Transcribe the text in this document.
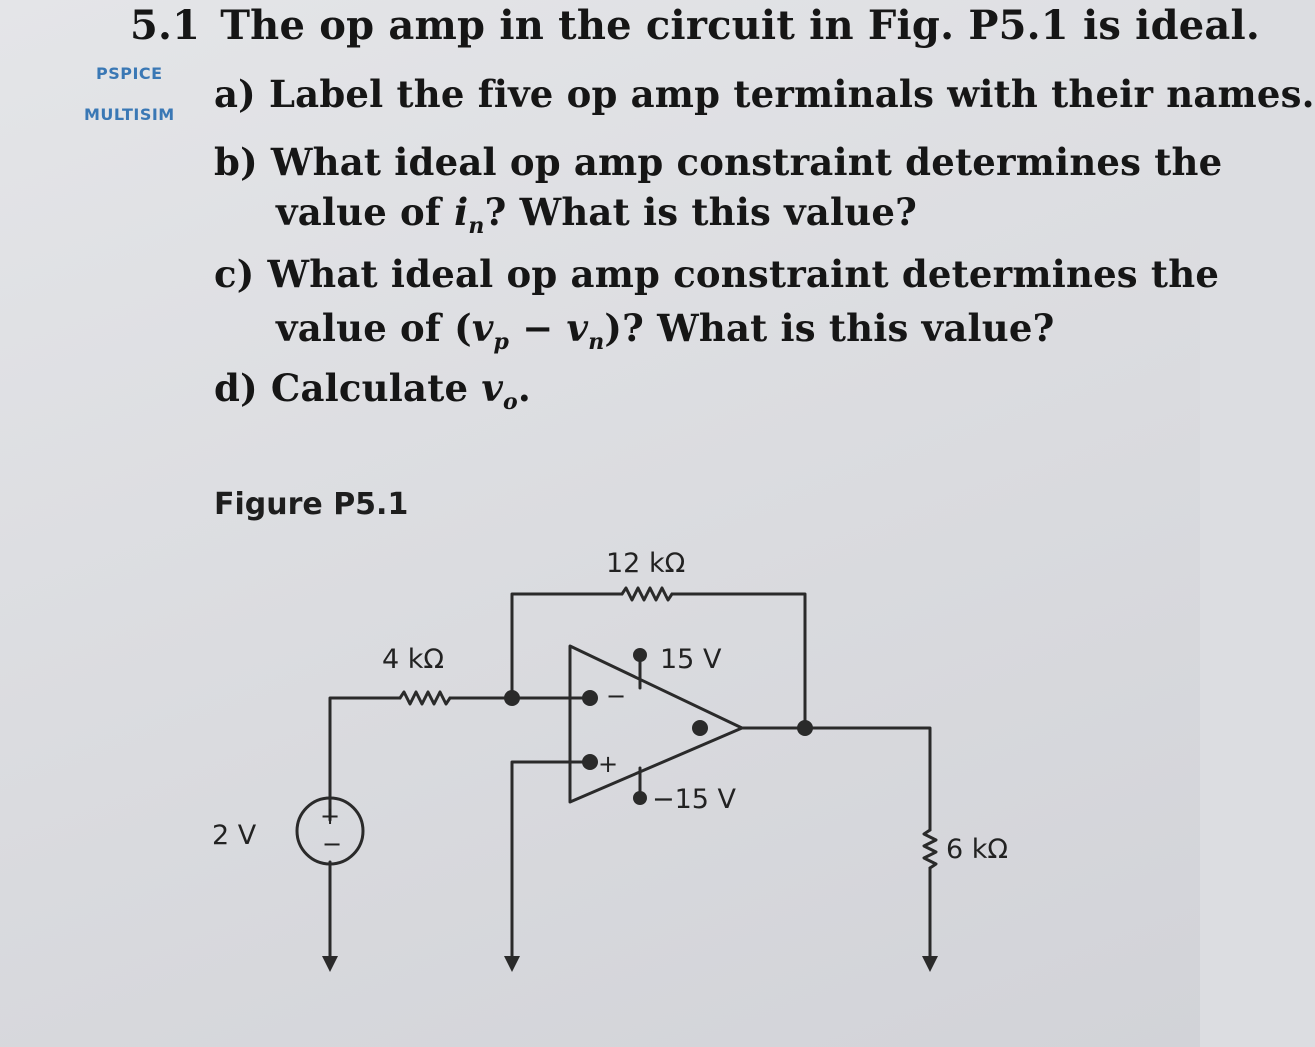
5.1 The op amp in the circuit in Fig. P5.1 is ideal.
PSPICE
MULTISIM a) Label the five op amp terminals with their names.
b) What ideal op amp constraint determines the
value of $i_n$? What is this value?
c) What ideal op amp constraint determines the
value of $(v_p - v_n)$? What is this value?
d) Calculate $v_o$.
Figure P5.1
12 kΩ
4 kΩ	15 V
−15 V
2 V	6 kΩ
+
−
−
+
